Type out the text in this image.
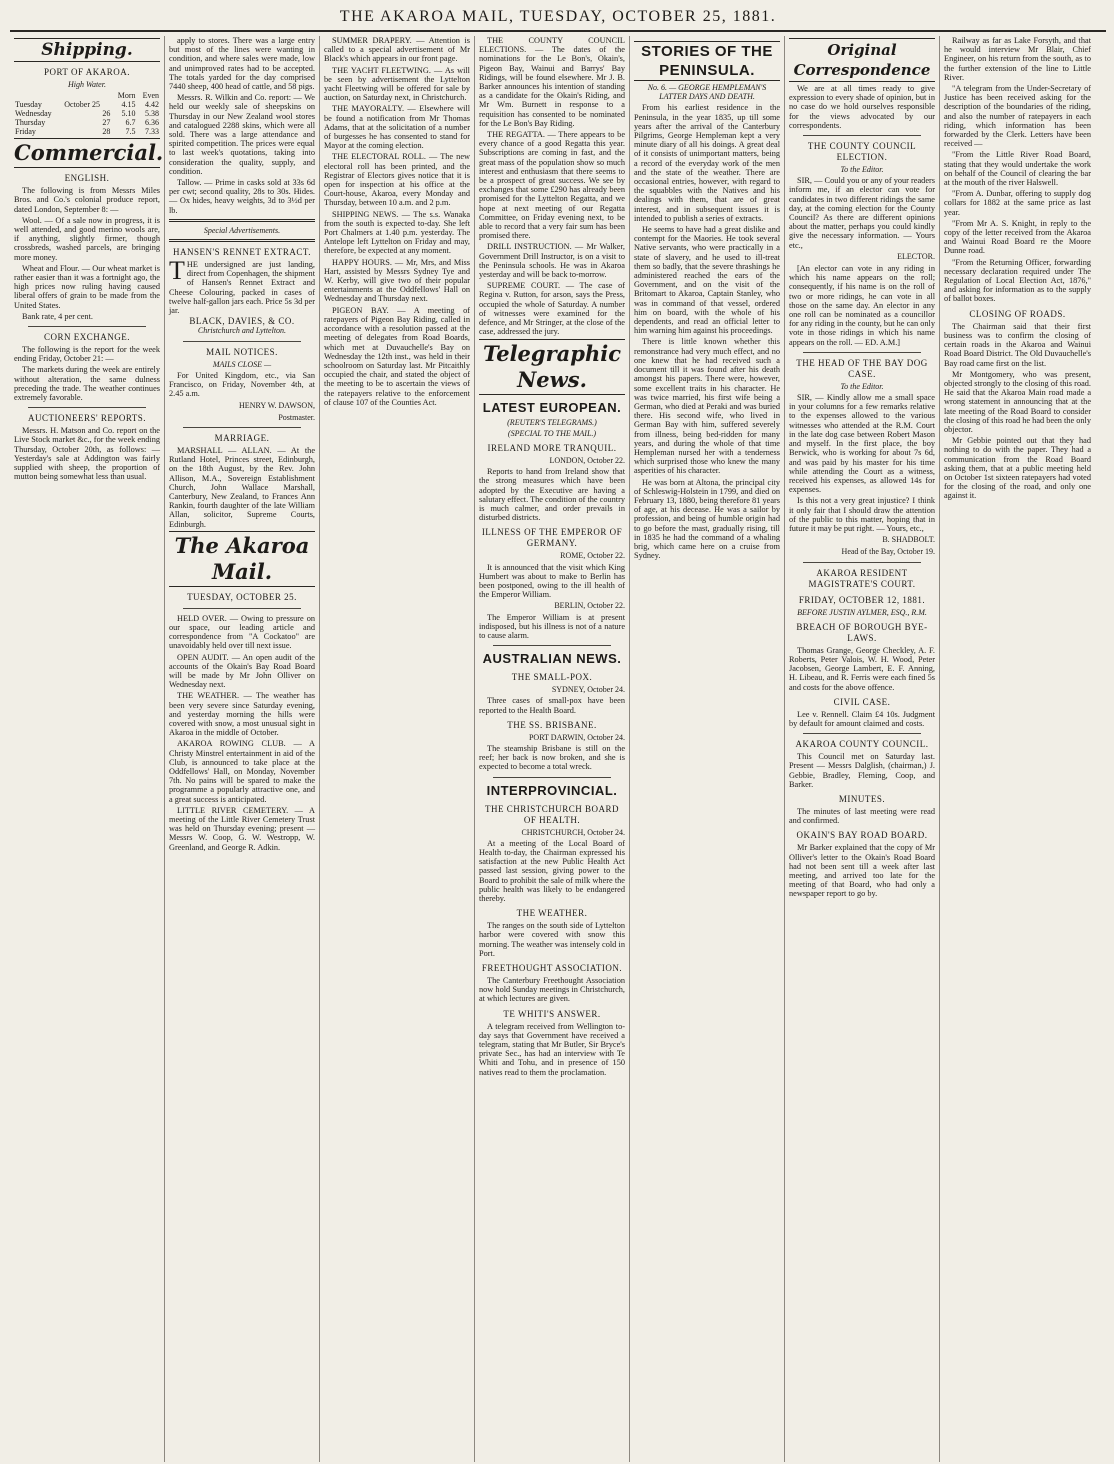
THE AKAROA MAIL, TUESDAY, OCTOBER 25, 1881.
Shipping.
PORT OF AKAROA.
High Water.
		Morn	Even
Tuesday	October 25	4.15	4.42
Wednesday	26	5.10	5.38
Thursday	27	6.7	6.36
Friday	28	7.5	7.33
Commercial.
ENGLISH.

The following is from Messrs Miles Bros. and Co.'s colonial produce report, dated London, September 8: —

Wool. — Of a sale now in progress, it is well attended, and good merino wools are, if anything, slightly firmer, though crossbreds, washed parcels, are bringing more money.

Wheat and Flour. — Our wheat market is rather easier than it was a fortnight ago, the high prices now ruling having caused liberal offers of grain to be made from the United States.

Bank rate, 4 per cent.

CORN EXCHANGE.

The following is the report for the week ending Friday, October 21: —

The markets during the week are entirely without alteration, the same dulness preceding the trade. The weather continues extremely favorable.

AUCTIONEERS' REPORTS.

Messrs. H. Matson and Co. report on the Live Stock market &c., for the week ending Thursday, October 20th, as follows: — Yesterday's sale at Addington was fairly supplied with sheep, the proportion of mutton being somewhat less than usual.

apply to stores. There was a large entry but most of the lines were wanting in condition, and where sales were made, low and unimproved rates had to be accepted. The totals yarded for the day comprised 7440 sheep, 400 head of cattle, and 58 pigs.

Messrs. R. Wilkin and Co. report: — We held our weekly sale of sheepskins on Thursday in our New Zealand wool stores and catalogued 2288 skins, which were all sold. There was a large attendance and spirited competition. The prices were equal to last week's quotations, taking into consideration the quality, supply, and condition.

Tallow. — Prime in casks sold at 33s 6d per cwt; second quality, 28s to 30s. Hides. — Ox hides, heavy weights, 3d to 3½d per lb.

Special Advertisements.
HANSEN'S RENNET EXTRACT.

THE undersigned are just landing, direct from Copenhagen, the shipment of Hansen's Rennet Extract and Cheese Colouring, packed in cases of twelve half-gallon jars each. Price 5s 3d per jar.

BLACK, DAVIES, & CO.
Christchurch and Lyttelton.
MAIL NOTICES.
MAILS CLOSE —

For United Kingdom, etc., via San Francisco, on Friday, November 4th, at 2.45 a.m.

HENRY W. DAWSON,
Postmaster.
MARRIAGE.

MARSHALL — ALLAN. — At the Rutland Hotel, Princes street, Edinburgh, on the 18th August, by the Rev. John Allison, M.A., Sovereign Establishment Church, John Wallace Marshall, Canterbury, New Zealand, to Frances Ann Rankin, fourth daughter of the late William Allan, solicitor, Supreme Courts, Edinburgh.

The Akaroa Mail.
TUESDAY, OCTOBER 25.

HELD OVER. — Owing to pressure on our space, our leading article and correspondence from "A Cockatoo" are unavoidably held over till next issue.

OPEN AUDIT. — An open audit of the accounts of the Okain's Bay Road Board will be made by Mr John Olliver on Wednesday next.

THE WEATHER. — The weather has been very severe since Saturday evening, and yesterday morning the hills were covered with snow, a most unusual sight in Akaroa in the middle of October.

AKAROA ROWING CLUB. — A Christy Minstrel entertainment in aid of the Club, is announced to take place at the Oddfellows' Hall, on Monday, November 7th. No pains will be spared to make the programme a popularly attractive one, and a great success is anticipated.

LITTLE RIVER CEMETERY. — A meeting of the Little River Cemetery Trust was held on Thursday evening; present — Messrs W. Coop, G. W. Westropp, W. Greenland, and George R. Adkin.

SUMMER DRAPERY. — Attention is called to a special advertisement of Mr Black's which appears in our front page.

THE YACHT FLEETWING. — As will be seen by advertisement the Lyttelton yacht Fleetwing will be offered for sale by auction, on Saturday next, in Christchurch.

THE MAYORALTY. — Elsewhere will be found a notification from Mr Thomas Adams, that at the solicitation of a number of burgesses he has consented to stand for Mayor at the coming election.

THE ELECTORAL ROLL. — The new electoral roll has been printed, and the Registrar of Electors gives notice that it is open for inspection at his office at the Court-house, Akaroa, every Monday and Thursday, between 10 a.m. and 2 p.m.

SHIPPING NEWS. — The s.s. Wanaka from the south is expected to-day. She left Port Chalmers at 1.40 p.m. yesterday. The Antelope left Lyttelton on Friday and may, therefore, be expected at any moment.

HAPPY HOURS. — Mr, Mrs, and Miss Hart, assisted by Messrs Sydney Tye and W. Kerby, will give two of their popular entertainments at the Oddfellows' Hall on Wednesday and Thursday next.

PIGEON BAY. — A meeting of ratepayers of Pigeon Bay Riding, called in accordance with a resolution passed at the meeting of delegates from Road Boards, which met at Duvauchelle's Bay on Wednesday the 12th inst., was held in their schoolroom on Saturday last. Mr Pitcaithly occupied the chair, and stated the object of the meeting to be to ascertain the views of the ratepayers relative to the enforcement of clause 107 of the Counties Act.

THE COUNTY COUNCIL ELECTIONS. — The dates of the nominations for the Le Bon's, Okain's, Pigeon Bay, Wainui and Barrys' Bay Ridings, will be found elsewhere. Mr J. B. Barker announces his intention of standing as a candidate for the Okain's Riding, and Mr Wm. Burnett in response to a requisition has consented to be nominated for the Le Bon's Bay Riding.

THE REGATTA. — There appears to be every chance of a good Regatta this year. Subscriptions are coming in fast, and the great mass of the population show so much interest and enthusiasm that there seems to be a prospect of great success. We see by exchanges that some £290 has already been promised for the Lyttelton Regatta, and we hope at next meeting of our Regatta Committee, on Friday evening next, to be able to record that a very fair sum has been promised there.

DRILL INSTRUCTION. — Mr Walker, Government Drill Instructor, is on a visit to the Peninsula schools. He was in Akaroa yesterday and will be back to-morrow.

SUPREME COURT. — The case of Regina v. Rutton, for arson, says the Press, occupied the whole of Saturday. A number of witnesses were examined for the defence, and Mr Stringer, at the close of the case, addressed the jury.

Telegraphic News.
LATEST EUROPEAN.
(REUTER'S TELEGRAMS.)
(SPECIAL TO THE MAIL.)
IRELAND MORE TRANQUIL.
LONDON, October 22.

Reports to hand from Ireland show that the strong measures which have been adopted by the Executive are having a salutary effect. The condition of the country is much calmer, and order prevails in disturbed districts.

ILLNESS OF THE EMPEROR OF GERMANY.
ROME, October 22.

It is announced that the visit which King Humbert was about to make to Berlin has been postponed, owing to the ill health of the Emperor William.

BERLIN, October 22.

The Emperor William is at present indisposed, but his illness is not of a nature to cause alarm.

AUSTRALIAN NEWS.
THE SMALL-POX.
SYDNEY, October 24.

Three cases of small-pox have been reported to the Health Board.

THE SS. BRISBANE.
PORT DARWIN, October 24.

The steamship Brisbane is still on the reef; her back is now broken, and she is expected to become a total wreck.

INTERPROVINCIAL.
THE CHRISTCHURCH BOARD OF HEALTH.
CHRISTCHURCH, October 24.

At a meeting of the Local Board of Health to-day, the Chairman expressed his satisfaction at the new Public Health Act passed last session, giving power to the Board to prohibit the sale of milk where the public health was likely to be endangered thereby.

THE WEATHER.

The ranges on the south side of Lyttelton harbor were covered with snow this morning. The weather was intensely cold in Port.

FREETHOUGHT ASSOCIATION.

The Canterbury Freethought Association now hold Sunday meetings in Christchurch, at which lectures are given.

TE WHITI'S ANSWER.

A telegram received from Wellington to-day says that Government have received a telegram, stating that Mr Butler, Sir Bryce's private Sec., has had an interview with Te Whiti and Tohu, and in presence of 150 natives read to them the proclamation.

STORIES OF THE PENINSULA.
No. 6. — GEORGE HEMPLEMAN'S LATTER DAYS AND DEATH.

From his earliest residence in the Peninsula, in the year 1835, up till some years after the arrival of the Canterbury Pilgrims, George Hempleman kept a very minute diary of all his doings. A great deal of it consists of unimportant matters, being a record of the everyday work of the men and the state of the weather. There are occasional entries, however, with regard to the squabbles with the Natives and his dealings with them, that are of great interest, and in subsequent issues it is intended to publish a series of extracts.

He seems to have had a great dislike and contempt for the Maories. He took several Native servants, who were practically in a state of slavery, and he used to ill-treat them so badly, that the severe thrashings he administered reached the ears of the Government, and on the visit of the Britomart to Akaroa, Captain Stanley, who was in command of that vessel, ordered him on board, with the whole of his dependents, and read an official letter to him warning him against his proceedings.

There is little known whether this remonstrance had very much effect, and no one knew that he had received such a document till it was found after his death amongst his papers. There were, however, some excellent traits in his character. He was twice married, his first wife being a German, who died at Peraki and was buried there. His second wife, who lived in German Bay with him, suffered severely from illness, being bed-ridden for many years, and during the whole of that time Hempleman nursed her with a tenderness which surprised those who knew the many asperities of his character.

He was born at Altona, the principal city of Schleswig-Holstein in 1799, and died on February 13, 1880, being therefore 81 years of age, at his decease. He was a sailor by profession, and being of humble origin had to go before the mast, gradually rising, till in 1835 he had the command of a whaling brig, which came here on a cruise from Sydney.

Original Correspondence

We are at all times ready to give expression to every shade of opinion, but in no case do we hold ourselves responsible for the views advocated by our correspondents.

THE COUNTY COUNCIL ELECTION.
To the Editor.

SIR, — Could you or any of your readers inform me, if an elector can vote for candidates in two different ridings the same day, at the coming election for the County Council? As there are different opinions about the matter, perhaps you could kindly give the necessary information. — Yours etc.,

ELECTOR.

[An elector can vote in any riding in which his name appears on the roll; consequently, if his name is on the roll of two or more ridings, he can vote in all those on the same day. An elector in any one roll can be nominated as a councillor for any riding in the county, but he can only vote in those ridings in which his name appears on the roll. — ED. A.M.]

THE HEAD OF THE BAY DOG CASE.
To the Editor.

SIR, — Kindly allow me a small space in your columns for a few remarks relative to the expenses allowed to the various witnesses who attended at the R.M. Court in the late dog case between Robert Mason and myself. In the first place, the boy Berwick, who is working for about 7s 6d, and was paid by his master for his time while attending the Court as a witness, received his expenses, as allowed 14s for expenses.

Is this not a very great injustice? I think it only fair that I should draw the attention of the public to this matter, hoping that in future it may be put right. — Yours, etc.,

B. SHADBOLT.
Head of the Bay, October 19.
AKAROA RESIDENT MAGISTRATE'S COURT.
FRIDAY, OCTOBER 12, 1881.
BEFORE JUSTIN AYLMER, ESQ., R.M.
BREACH OF BOROUGH BYE-LAWS.

Thomas Grange, George Checkley, A. F. Roberts, Peter Valois, W. H. Wood, Peter Jacobsen, George Lambert, E. F. Anning, H. Libeau, and R. Ferris were each fined 5s and costs for the above offence.

CIVIL CASE.

Lee v. Rennell. Claim £4 10s. Judgment by default for amount claimed and costs.

AKAROA COUNTY COUNCIL.

This Council met on Saturday last. Present — Messrs Dalglish, (chairman,) J. Gebbie, Bradley, Fleming, Coop, and Barker.

MINUTES.

The minutes of last meeting were read and confirmed.

OKAIN'S BAY ROAD BOARD.

Mr Barker explained that the copy of Mr Olliver's letter to the Okain's Road Board had not been sent till a week after last meeting, and arrived too late for the meeting of that Board, who had only a newspaper report to go by.

Railway as far as Lake Forsyth, and that he would interview Mr Blair, Chief Engineer, on his return from the south, as to the further extension of the line to Little River.

"A telegram from the Under-Secretary of Justice has been received asking for the description of the boundaries of the riding, and also the number of ratepayers in each riding, which information has been forwarded by the Clerk. Letters have been received —

"From the Little River Road Board, stating that they would undertake the work on behalf of the Council of clearing the bar at the mouth of the river Halswell.

"From A. Dunbar, offering to supply dog collars for 1882 at the same price as last year.

"From Mr A. S. Knight, in reply to the copy of the letter received from the Akaroa and Wainui Road Board re the Moore Dunne road.

"From the Returning Officer, forwarding necessary declaration required under The Regulation of Local Election Act, 1876," and asking for information as to the supply of ballot boxes.

CLOSING OF ROADS.

The Chairman said that their first business was to confirm the closing of certain roads in the Akaroa and Wainui Road Board District. The Old Duvauchelle's Bay road came first on the list.

Mr Montgomery, who was present, objected strongly to the closing of this road. He said that the Akaroa Main road made a wrong statement in announcing that at the late meeting of the Road Board to consider the closing of this road he had been the only objector.

Mr Gebbie pointed out that they had nothing to do with the paper. They had a communication from the Road Board asking them, that at a public meeting held on October 1st sixteen ratepayers had voted for the closing of the road, and only one against it.
